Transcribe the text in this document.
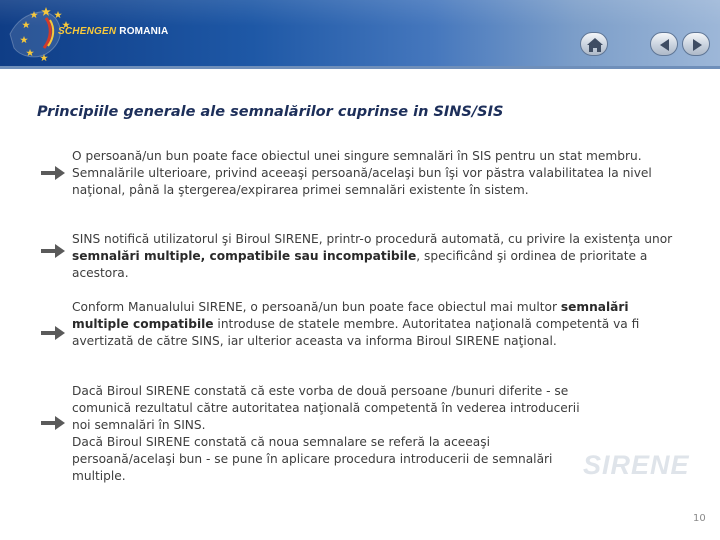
SCHENGEN ROMANIA
Principiile generale ale semnalărilor cuprinse in SINS/SIS
O persoană/un bun poate face obiectul unei singure semnalări în SIS pentru un stat membru. Semnalările ulterioare, privind aceeaşi persoană/acelaşi bun îşi vor păstra valabilitatea la nivel naţional, până la ştergerea/expirarea primei semnalări existente în sistem.
SINS notifică utilizatorul şi Biroul SIRENE, printr-o procedură automată, cu privire la existenţa unor semnalări multiple, compatibile sau incompatibile, specificând şi ordinea de prioritate a acestora.
Conform Manualului SIRENE, o persoană/un bun poate face obiectul mai multor semnalări multiple compatibile introduse de statele membre. Autoritatea naţională competentă va fi avertizată de către SINS, iar ulterior aceasta va informa Biroul SIRENE naţional.
Dacă Biroul SIRENE constată că este vorba de două persoane /bunuri diferite - se comunică rezultatul către autoritatea naţională competentă în vederea introducerii noi semnalări în SINS.
Dacă Biroul SIRENE constată că noua semnalare se referă la aceeaşi persoană/acelaşi bun - se pune în aplicare procedura introducerii de semnalări multiple.	SIRENE
10
